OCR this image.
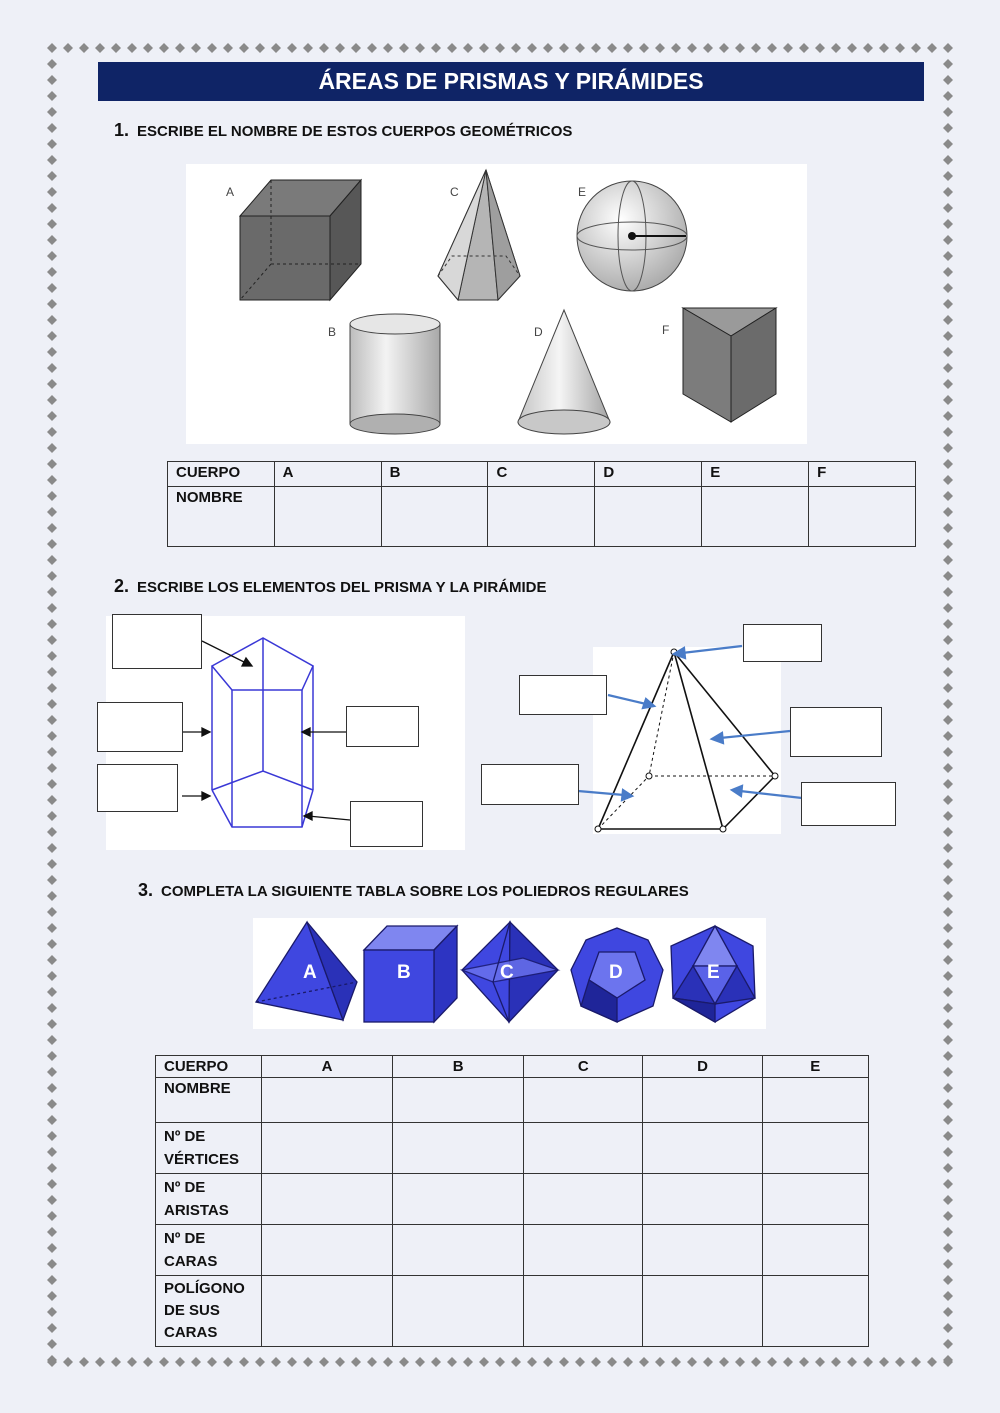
ÁREAS DE PRISMAS Y PIRÁMIDES
1. ESCRIBE EL NOMBRE DE ESTOS CUERPOS GEOMÉTRICOS
A	C	E
B	D	F
CUERPO	A	B	C	D	E	F
NOMBRE						
2. ESCRIBE LOS ELEMENTOS DEL PRISMA Y LA PIRÁMIDE
3. COMPLETA LA SIGUIENTE TABLA SOBRE LOS POLIEDROS REGULARES
A	B	C	D	E
CUERPO	A	B	C	D	E
NOMBRE					
Nº DE VÉRTICES					
Nº DE ARISTAS					
Nº DE CARAS					
POLÍGONO DE SUS CARAS					
